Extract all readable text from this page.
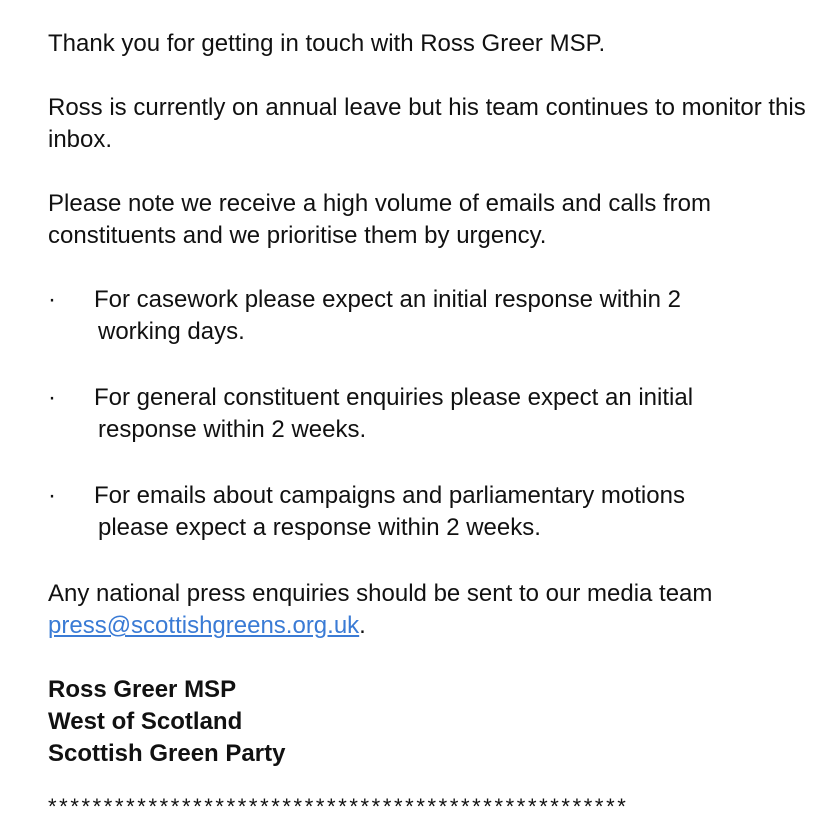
Thank you for getting in touch with Ross Greer MSP.

Ross is currently on annual leave but his team continues to monitor this inbox.

Please note we receive a high volume of emails and calls from constituents and we prioritise them by urgency.

·	For casework please expect an initial response within 2
working days.
·	For general constituent enquiries please expect an initial
response within 2 weeks.
·	For emails about campaigns and parliamentary motions
please expect a response within 2 weeks.

Any national press enquiries should be sent to our media team
press@scottishgreens.org.uk.

Ross Greer MSP
West of Scotland
Scottish Green Party
****************************************************
